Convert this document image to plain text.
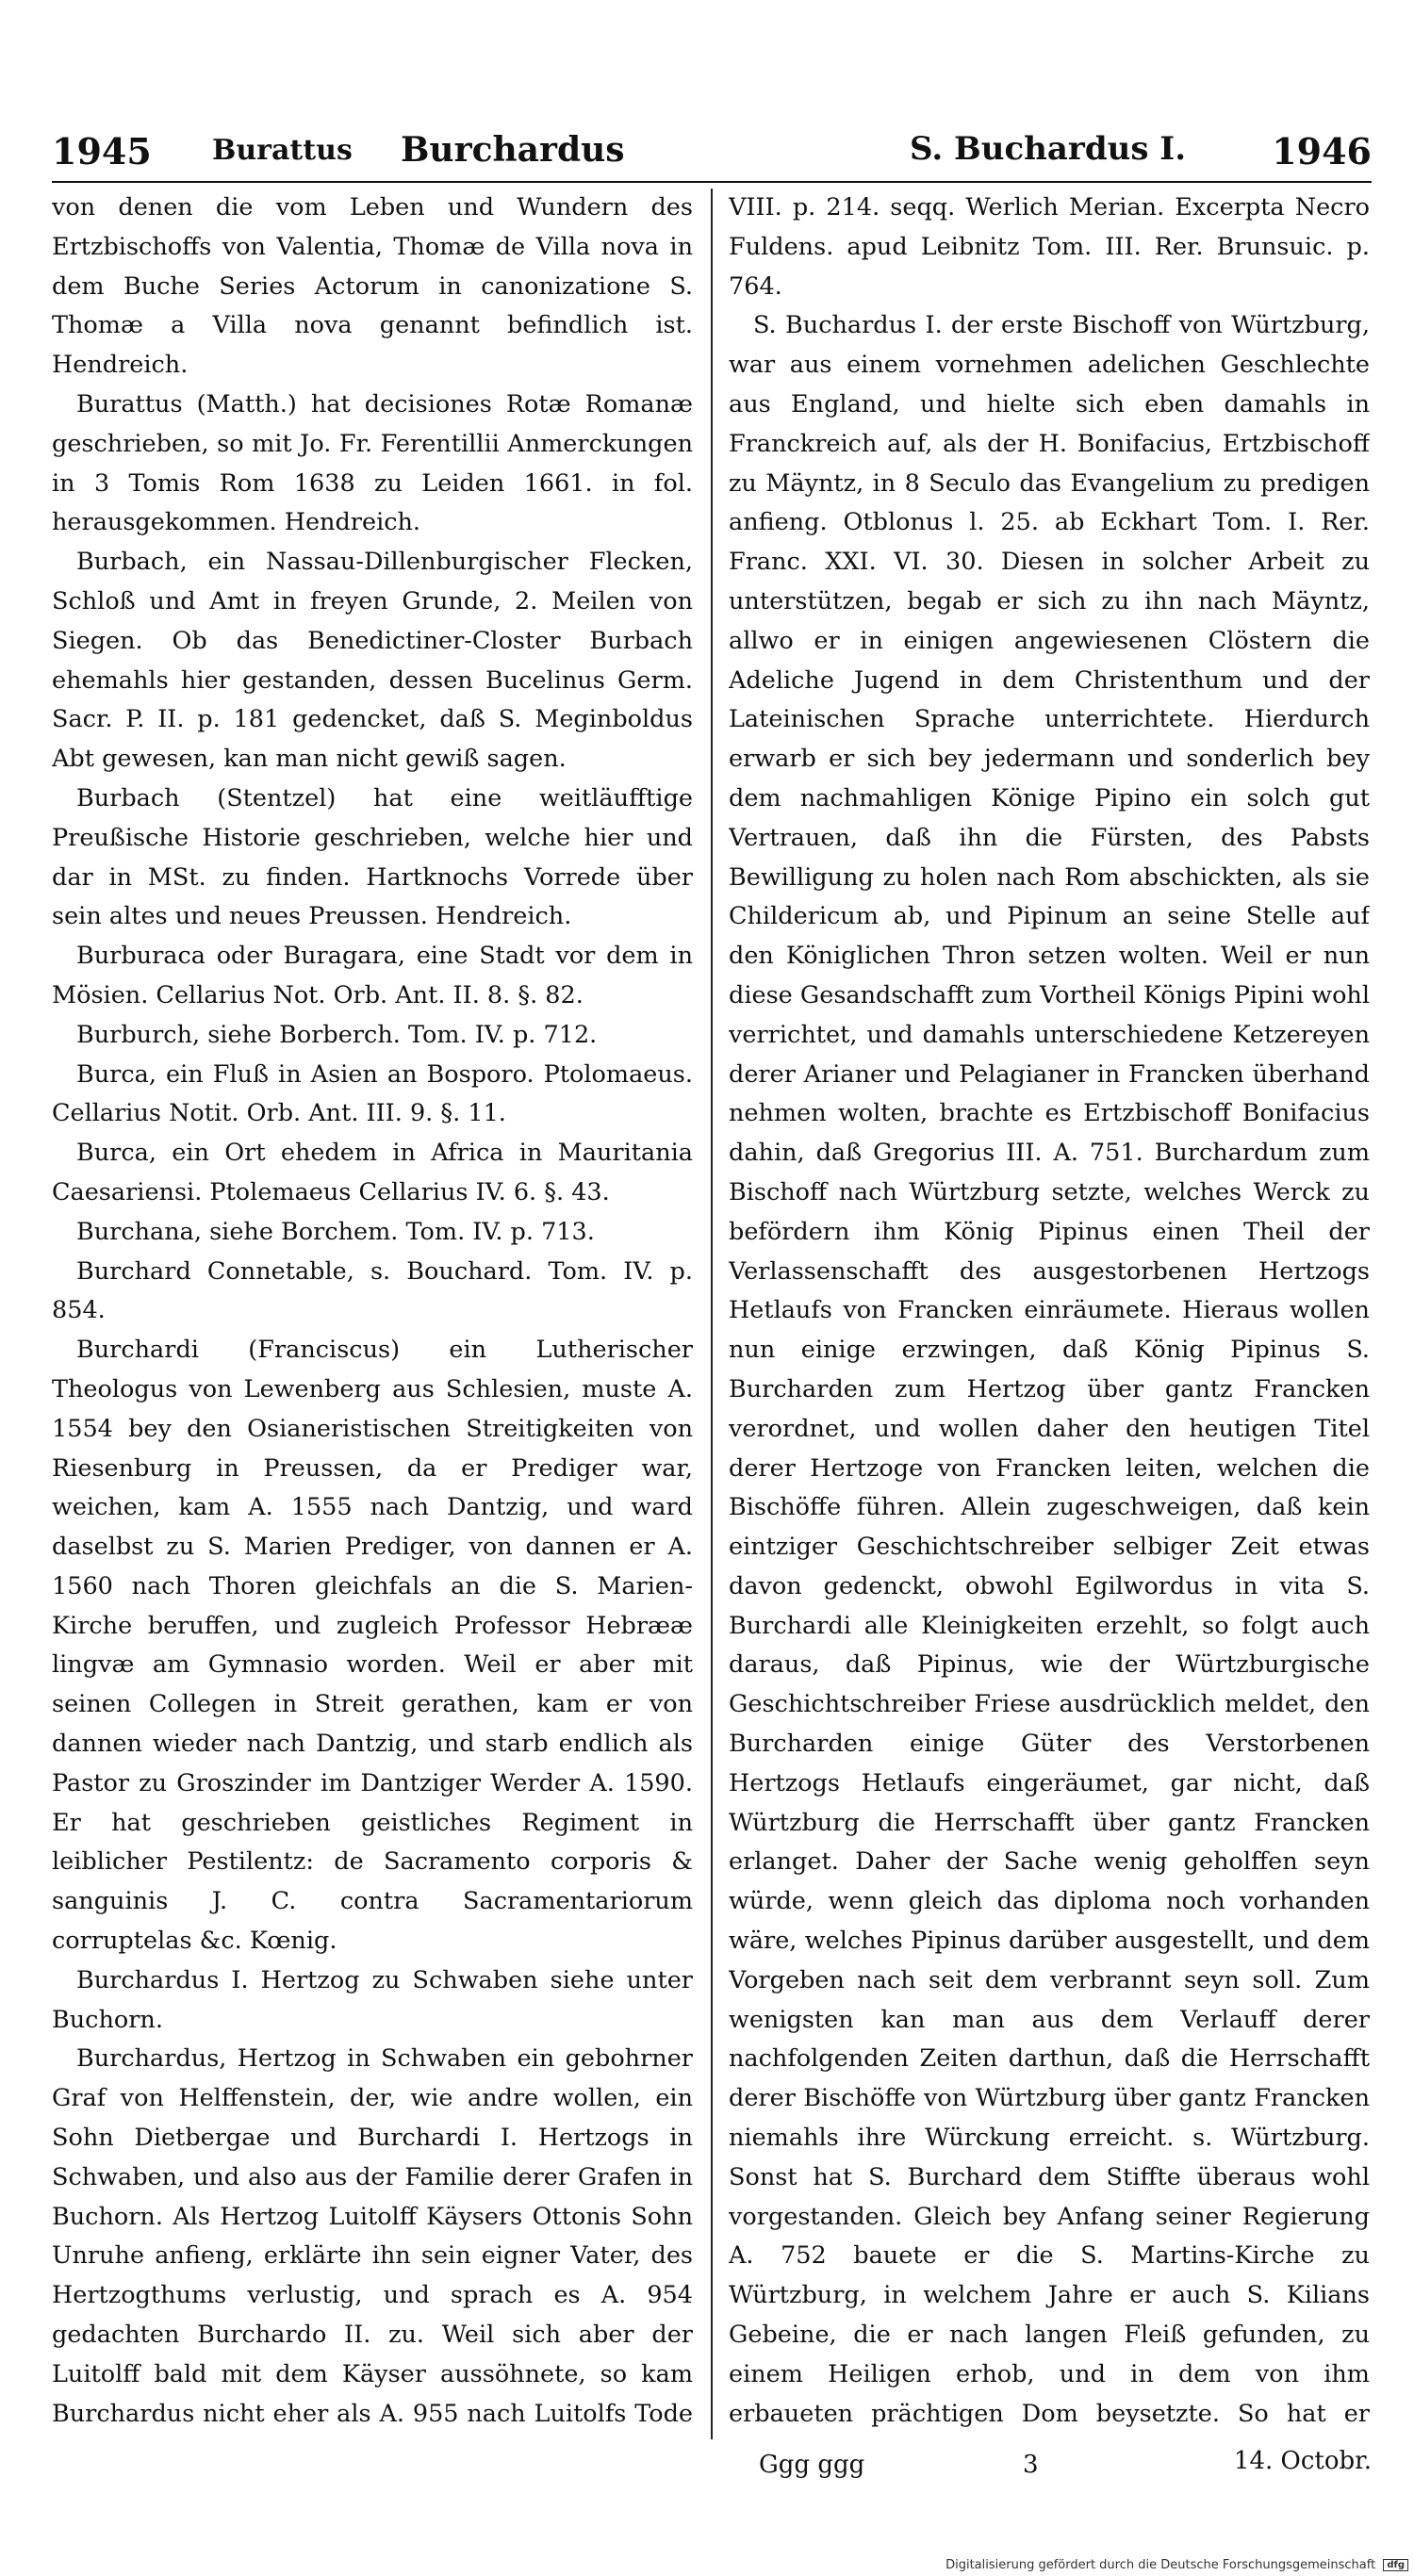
1945 Burattus Burchardus	S. Buchardus I. 1946

von denen die vom Leben und Wundern des Ertzbischoffs von Valentia, Thomæ de Villa nova in dem Buche Series Actorum in canonizatione S. Thomæ a Villa nova genannt befindlich ist. Hendreich.

Burattus (Matth.) hat decisiones Rotæ Romanæ geschrieben, so mit Jo. Fr. Ferentillii Anmerckungen in 3 Tomis Rom 1638 zu Leiden 1661. in fol. herausgekommen. Hendreich.

Burbach, ein Nassau-Dillenburgischer Flecken, Schloß und Amt in freyen Grunde, 2. Meilen von Siegen. Ob das Benedictiner-Closter Burbach ehemahls hier gestanden, dessen Bucelinus Germ. Sacr. P. II. p. 181 gedencket, daß S. Meginboldus Abt gewesen, kan man nicht gewiß sagen.

Burbach (Stentzel) hat eine weitläufftige Preußische Historie geschrieben, welche hier und dar in MSt. zu finden. Hartknochs Vorrede über sein altes und neues Preussen. Hendreich.

Burburaca oder Buragara, eine Stadt vor dem in Mösien. Cellarius Not. Orb. Ant. II. 8. §. 82.

Burburch, siehe Borberch. Tom. IV. p. 712.

Burca, ein Fluß in Asien an Bosporo. Ptolomaeus. Cellarius Notit. Orb. Ant. III. 9. §. 11.

Burca, ein Ort ehedem in Africa in Mauritania Caesariensi. Ptolemaeus Cellarius IV. 6. §. 43.

Burchana, siehe Borchem. Tom. IV. p. 713.

Burchard Connetable, s. Bouchard. Tom. IV. p. 854.

Burchardi (Franciscus) ein Lutherischer Theologus von Lewenberg aus Schlesien, muste A. 1554 bey den Osianeristischen Streitigkeiten von Riesenburg in Preussen, da er Prediger war, weichen, kam A. 1555 nach Dantzig, und ward daselbst zu S. Marien Prediger, von dannen er A. 1560 nach Thoren gleichfals an die S. Marien-Kirche beruffen, und zugleich Professor Hebrææ lingvæ am Gymnasio worden. Weil er aber mit seinen Collegen in Streit gerathen, kam er von dannen wieder nach Dantzig, und starb endlich als Pastor zu Groszinder im Dantziger Werder A. 1590. Er hat geschrieben geistliches Regiment in leiblicher Pestilentz: de Sacramento corporis & sanguinis J. C. contra Sacramentariorum corruptelas &c. Kœnig.

Burchardus I. Hertzog zu Schwaben siehe unter Buchorn.

Burchardus, Hertzog in Schwaben ein gebohrner Graf von Helffenstein, der, wie andre wollen, ein Sohn Dietbergae und Burchardi I. Hertzogs in Schwaben, und also aus der Familie derer Grafen in Buchorn. Als Hertzog Luitolff Käysers Ottonis Sohn Unruhe anfieng, erklärte ihn sein eigner Vater, des Hertzogthums verlustig, und sprach es A. 954 gedachten Burchardo II. zu. Weil sich aber der Luitolff bald mit dem Käyser aussöhnete, so kam Burchardus nicht eher als A. 955 nach Luitolfs Tode

VIII. p. 214. seqq. Werlich Merian. Excerpta Necro Fuldens. apud Leibnitz Tom. III. Rer. Brunsuic. p. 764.

S. Buchardus I. der erste Bischoff von Würtzburg, war aus einem vornehmen adelichen Geschlechte aus England, und hielte sich eben damahls in Franckreich auf, als der H. Bonifacius, Ertzbischoff zu Mäyntz, in 8 Seculo das Evangelium zu predigen anfieng. Otblonus l. 25. ab Eckhart Tom. I. Rer. Franc. XXI. VI. 30. Diesen in solcher Arbeit zu unterstützen, begab er sich zu ihn nach Mäyntz, allwo er in einigen angewiesenen Clöstern die Adeliche Jugend in dem Christenthum und der Lateinischen Sprache unterrichtete. Hierdurch erwarb er sich bey jedermann und sonderlich bey dem nachmahligen Könige Pipino ein solch gut Vertrauen, daß ihn die Fürsten, des Pabsts Bewilligung zu holen nach Rom abschickten, als sie Childericum ab, und Pipinum an seine Stelle auf den Königlichen Thron setzen wolten. Weil er nun diese Gesandschafft zum Vortheil Königs Pipini wohl verrichtet, und damahls unterschiedene Ketzereyen derer Arianer und Pelagianer in Francken überhand nehmen wolten, brachte es Ertzbischoff Bonifacius dahin, daß Gregorius III. A. 751. Burchardum zum Bischoff nach Würtzburg setzte, welches Werck zu befördern ihm König Pipinus einen Theil der Verlassenschafft des ausgestorbenen Hertzogs Hetlaufs von Francken einräumete. Hieraus wollen nun einige erzwingen, daß König Pipinus S. Burcharden zum Hertzog über gantz Francken verordnet, und wollen daher den heutigen Titel derer Hertzoge von Francken leiten, welchen die Bischöffe führen. Allein zugeschweigen, daß kein eintziger Geschichtschreiber selbiger Zeit etwas davon gedenckt, obwohl Egilwordus in vita S. Burchardi alle Kleinigkeiten erzehlt, so folgt auch daraus, daß Pipinus, wie der Würtzburgische Geschichtschreiber Friese ausdrücklich meldet, den Burcharden einige Güter des Verstorbenen Hertzogs Hetlaufs eingeräumet, gar nicht, daß Würtzburg die Herrschafft über gantz Francken erlanget. Daher der Sache wenig geholffen seyn würde, wenn gleich das diploma noch vorhanden wäre, welches Pipinus darüber ausgestellt, und dem Vorgeben nach seit dem verbrannt seyn soll. Zum wenigsten kan man aus dem Verlauff derer nachfolgenden Zeiten darthun, daß die Herrschafft derer Bischöffe von Würtzburg über gantz Francken niemahls ihre Würckung erreicht. s. Würtzburg. Sonst hat S. Burchard dem Stiffte überaus wohl vorgestanden. Gleich bey Anfang seiner Regierung A. 752 bauete er die S. Martins-Kirche zu Würtzburg, in welchem Jahre er auch S. Kilians Gebeine, die er nach langen Fleiß gefunden, zu einem Heiligen erhob, und in dem von ihm erbaueten prächtigen Dom beysetzte. So hat er

Ggg ggg	3	14. Octobr.
Digitalisierung gefördert durch die Deutsche Forschungsgemeinschaft dfg
